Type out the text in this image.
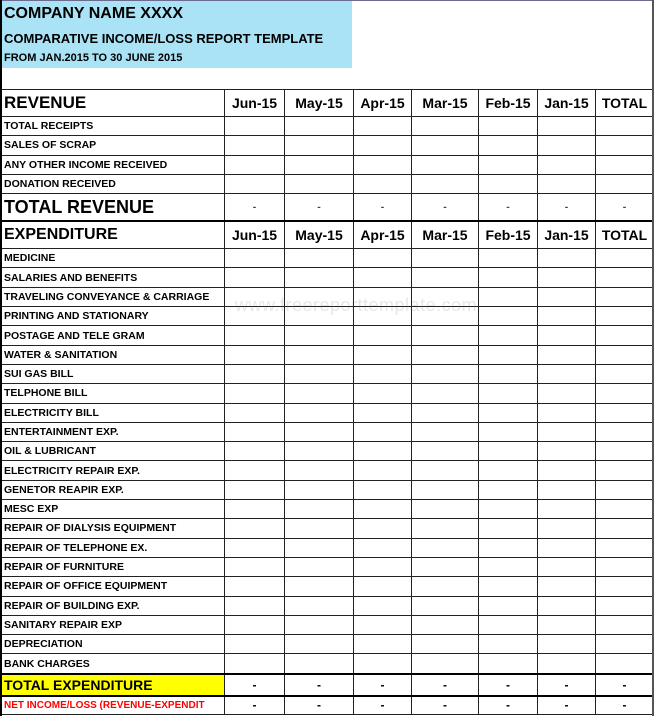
COMPANY NAME XXXX
COMPARATIVE INCOME/LOSS REPORT TEMPLATE
FROM JAN.2015 TO 30 JUNE 2015
REVENUE	Jun-15	May-15	Apr-15	Mar-15	Feb-15	Jan-15	TOTAL
TOTAL RECEIPTS							
SALES OF SCRAP							
ANY OTHER INCOME RECEIVED							
DONATION RECEIVED							
TOTAL REVENUE	-	-	-	-	-	-	-
EXPENDITURE	Jun-15	May-15	Apr-15	Mar-15	Feb-15	Jan-15	TOTAL
MEDICINE							
SALARIES AND BENEFITS							
TRAVELING CONVEYANCE & CARRIAGE							
PRINTING AND STATIONARY							
POSTAGE AND TELE GRAM							
WATER & SANITATION							
SUI GAS BILL							
TELPHONE BILL							
ELECTRICITY BILL							
ENTERTAINMENT EXP.							
OIL & LUBRICANT							
ELECTRICITY REPAIR EXP.							
GENETOR REAPIR EXP.							
MESC EXP							
REPAIR OF DIALYSIS EQUIPMENT							
REPAIR OF TELEPHONE EX.							
REPAIR OF FURNITURE							
REPAIR OF OFFICE EQUIPMENT							
REPAIR OF BUILDING EXP.							
SANITARY REPAIR EXP							
DEPRECIATION							
BANK CHARGES							
TOTAL EXPENDITURE	-	-	-	-	-	-	-
NET INCOME/LOSS (REVENUE-EXPENDIT	-	-	-	-	-	-	-
www.freereporttemplate.com
